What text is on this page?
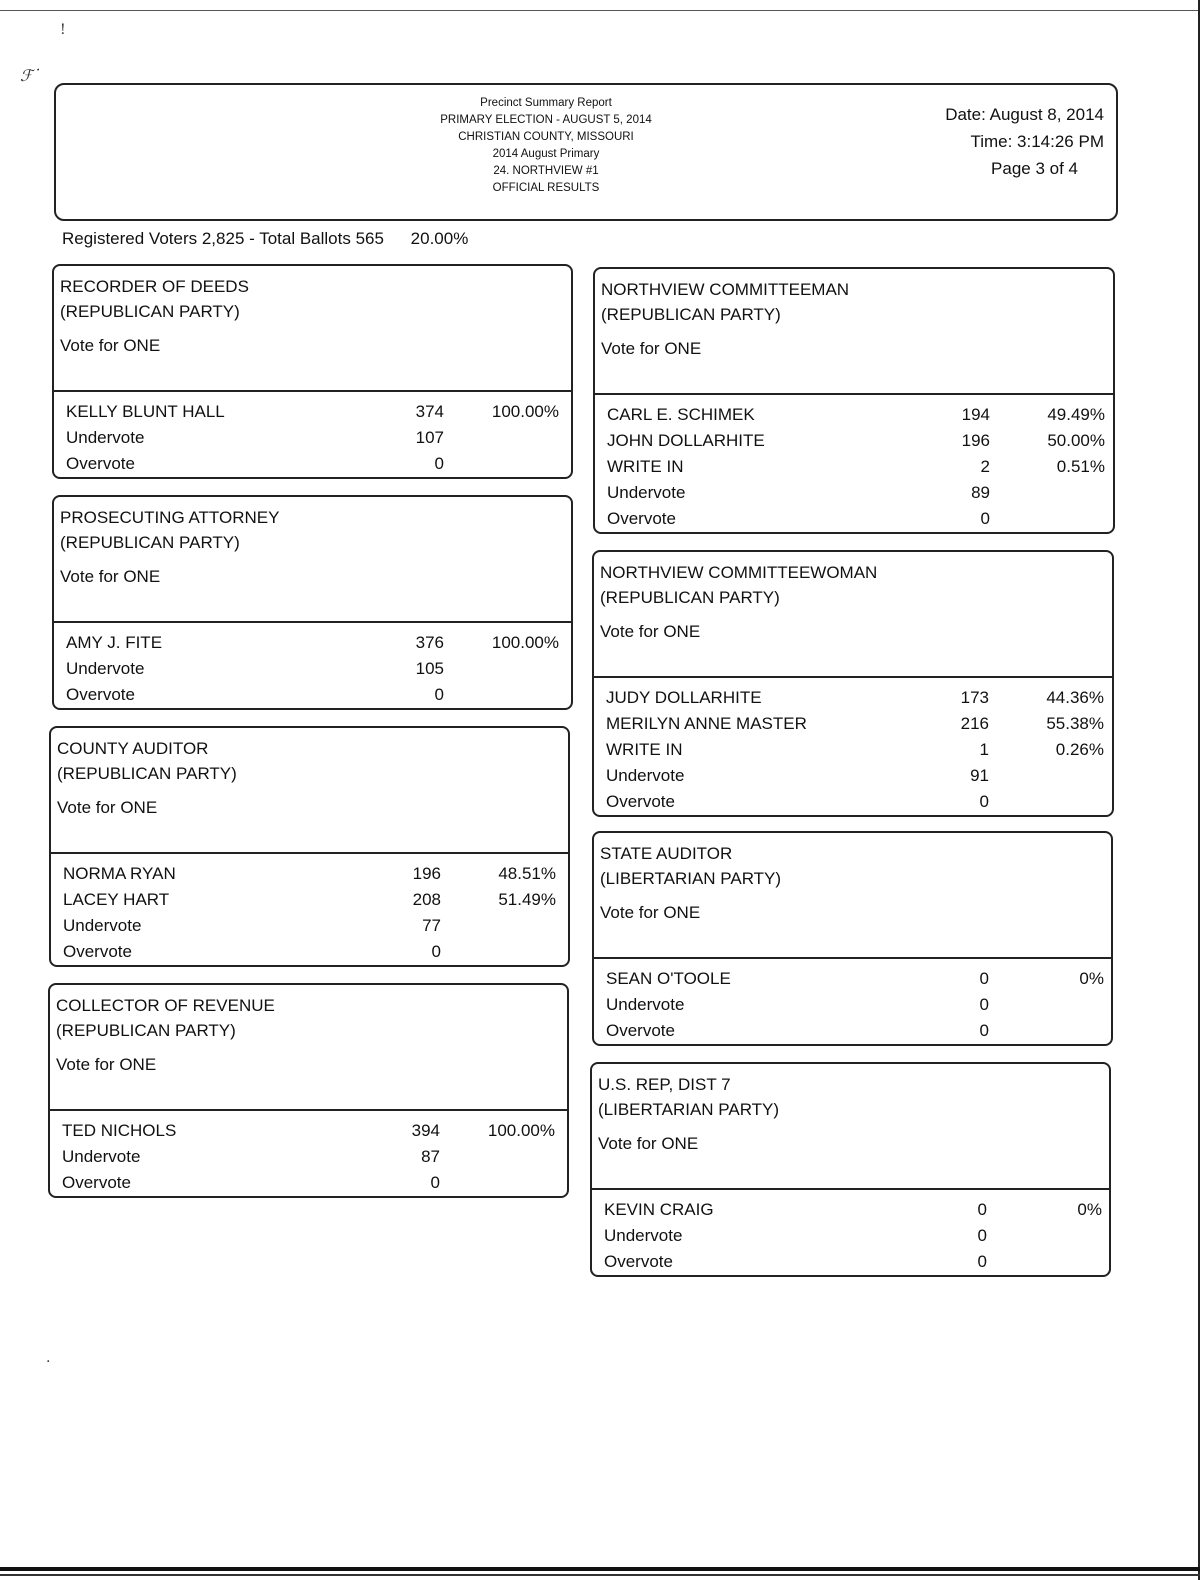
!
ℱ˙
.
Precinct Summary Report
PRIMARY ELECTION - AUGUST 5, 2014
CHRISTIAN COUNTY, MISSOURI
2014 August Primary
24. NORTHVIEW #1
OFFICIAL RESULTS
Date: August 8, 2014
Time: 3:14:26 PM
Page 3 of 4
Registered Voters 2,825 - Total Ballots 565 20.00%
RECORDER OF DEEDS
(REPUBLICAN PARTY)
Vote for ONE
KELLY BLUNT HALL	374	100.00%
Undervote	107
Overvote	0
PROSECUTING ATTORNEY
(REPUBLICAN PARTY)
Vote for ONE
AMY J. FITE	376	100.00%
Undervote	105
Overvote	0
COUNTY AUDITOR
(REPUBLICAN PARTY)
Vote for ONE
NORMA RYAN	196	48.51%
LACEY HART	208	51.49%
Undervote	77
Overvote	0
COLLECTOR OF REVENUE
(REPUBLICAN PARTY)
Vote for ONE
TED NICHOLS	394	100.00%
Undervote	87
Overvote	0
NORTHVIEW COMMITTEEMAN
(REPUBLICAN PARTY)
Vote for ONE
CARL E. SCHIMEK	194	49.49%
JOHN DOLLARHITE	196	50.00%
WRITE IN	2	0.51%
Undervote	89
Overvote	0
NORTHVIEW COMMITTEEWOMAN
(REPUBLICAN PARTY)
Vote for ONE
JUDY DOLLARHITE	173	44.36%
MERILYN ANNE MASTER	216	55.38%
WRITE IN	1	0.26%
Undervote	91
Overvote	0
STATE AUDITOR
(LIBERTARIAN PARTY)
Vote for ONE
SEAN O'TOOLE	0	0%
Undervote	0
Overvote	0
U.S. REP, DIST 7
(LIBERTARIAN PARTY)
Vote for ONE
KEVIN CRAIG	0	0%
Undervote	0
Overvote	0
